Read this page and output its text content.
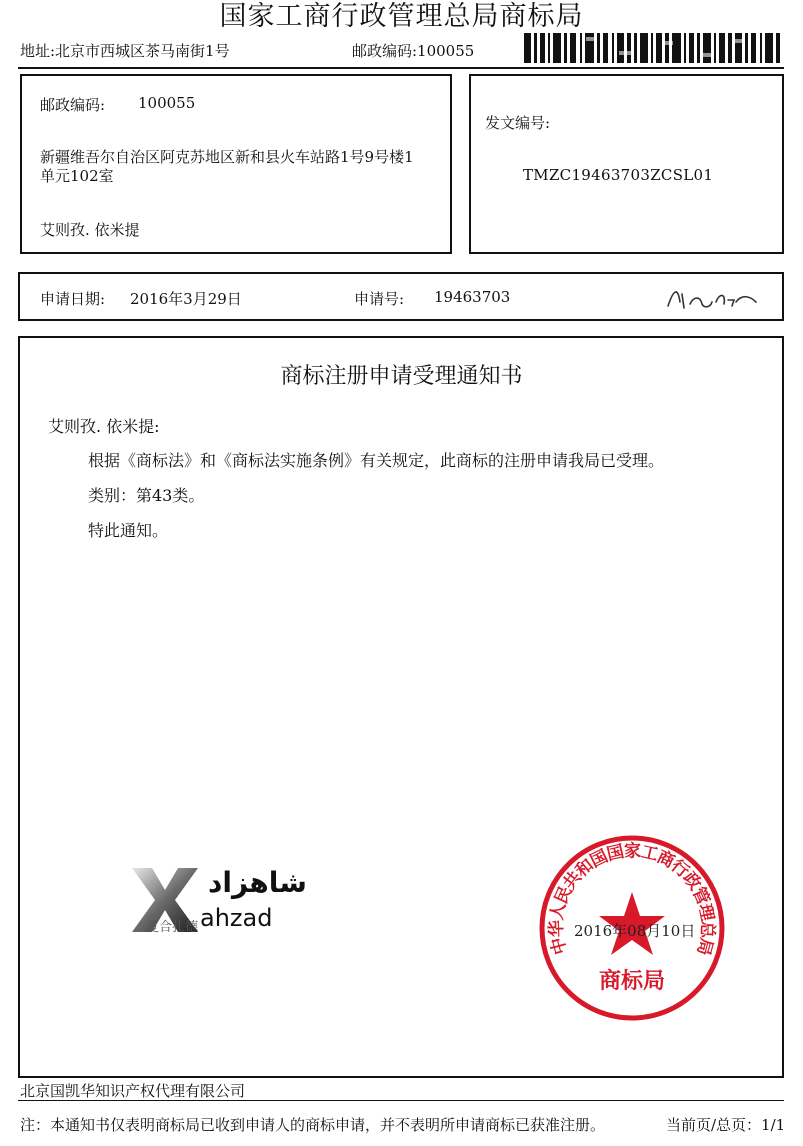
国家工商行政管理总局商标局
地址:北京市西城区茶马南街1号	邮政编码:100055
邮政编码: 100055
新疆维吾尔自治区阿克苏地区新和县火车站路1号9号楼1
单元102室
艾则孜. 依米提
发文编号:
TMZC19463703ZCSL01
申请日期: 2016年3月29日	申请号: 19463703
商标注册申请受理通知书
艾则孜. 依米提:
根据《商标法》和《商标法实施条例》有关规定，此商标的注册申请我局已受理。
类别：第43类。
特此通知。
شاهزاد
ahzad
夏合扎德
中华人民共和国国家工商行政管理总局
商标局
2016年08月10日
北京国凯华知识产权代理有限公司
注：本通知书仅表明商标局已收到申请人的商标申请，并不表明所申请商标已获准注册。	当前页/总页：1/1
